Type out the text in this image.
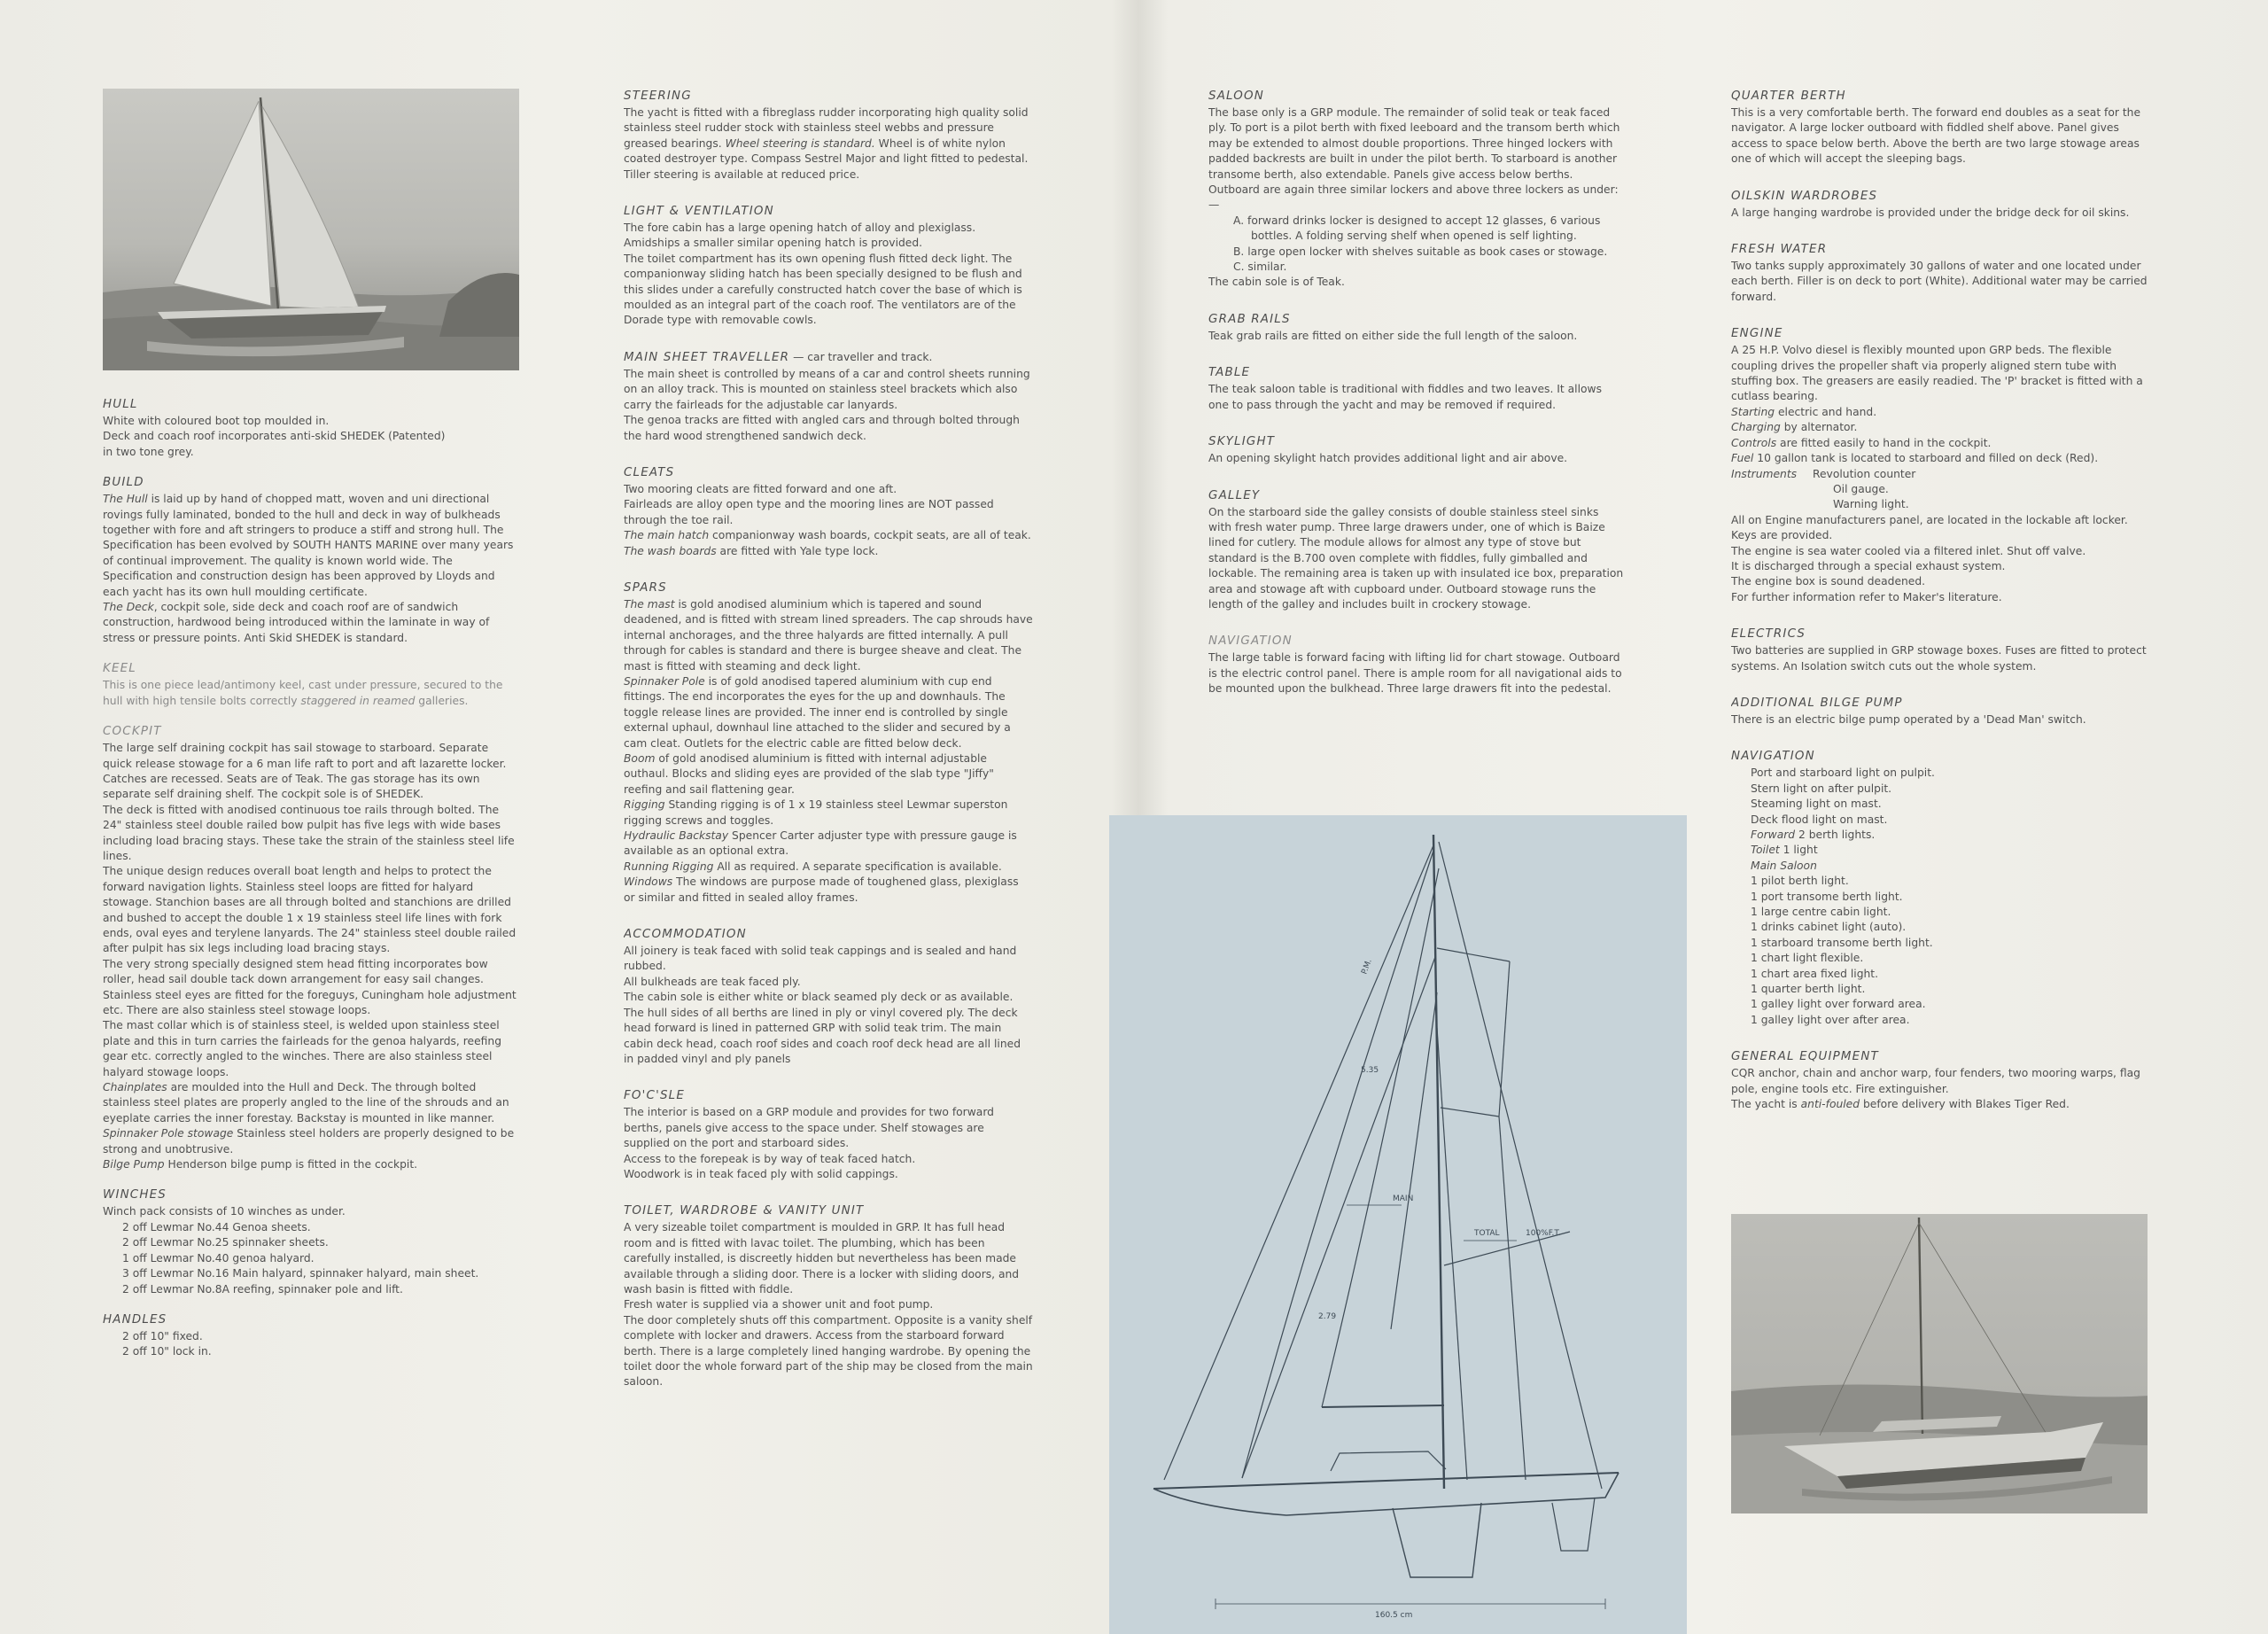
HULL

White with coloured boot top moulded in.

Deck and coach roof incorporates anti-skid SHEDEK (Patented)

in two tone grey.

BUILD

The Hull is laid up by hand of chopped matt, woven and uni directional rovings fully laminated, bonded to the hull and deck in way of bulkheads together with fore and aft stringers to produce a stiff and strong hull. The Specification has been evolved by SOUTH HANTS MARINE over many years of continual improvement. The quality is known world wide. The Specification and construction design has been approved by Lloyds and each yacht has its own hull moulding certificate.

The Deck, cockpit sole, side deck and coach roof are of sandwich construction, hardwood being introduced within the laminate in way of stress or pressure points. Anti Skid SHEDEK is standard.

KEEL

This is one piece lead/antimony keel, cast under pressure, secured to the hull with high tensile bolts correctly staggered in reamed galleries.

COCKPIT

The large self draining cockpit has sail stowage to starboard. Separate quick release stowage for a 6 man life raft to port and aft lazarette locker. Catches are recessed. Seats are of Teak. The gas storage has its own separate self draining shelf. The cockpit sole is of SHEDEK.

The deck is fitted with anodised continuous toe rails through bolted. The 24" stainless steel double railed bow pulpit has five legs with wide bases including load bracing stays. These take the strain of the stainless steel life lines.

The unique design reduces overall boat length and helps to protect the forward navigation lights. Stainless steel loops are fitted for halyard stowage. Stanchion bases are all through bolted and stanchions are drilled and bushed to accept the double 1 x 19 stainless steel life lines with fork ends, oval eyes and terylene lanyards. The 24" stainless steel double railed after pulpit has six legs including load bracing stays.

The very strong specially designed stem head fitting incorporates bow roller, head sail double tack down arrangement for easy sail changes. Stainless steel eyes are fitted for the foreguys, Cuningham hole adjustment etc. There are also stainless steel stowage loops.

The mast collar which is of stainless steel, is welded upon stainless steel plate and this in turn carries the fairleads for the genoa halyards, reefing gear etc. correctly angled to the winches. There are also stainless steel halyard stowage loops.

Chainplates are moulded into the Hull and Deck. The through bolted stainless steel plates are properly angled to the line of the shrouds and an eyeplate carries the inner forestay. Backstay is mounted in like manner.

Spinnaker Pole stowage Stainless steel holders are properly designed to be strong and unobtrusive.

Bilge Pump Henderson bilge pump is fitted in the cockpit.

WINCHES

Winch pack consists of 10 winches as under.

2 off Lewmar No.44 Genoa sheets.

2 off Lewmar No.25 spinnaker sheets.

1 off Lewmar No.40 genoa halyard.

3 off Lewmar No.16 Main halyard, spinnaker halyard, main sheet.

2 off Lewmar No.8A reefing, spinnaker pole and lift.

HANDLES

2 off 10" fixed.

2 off 10" lock in.

STEERING

The yacht is fitted with a fibreglass rudder incorporating high quality solid stainless steel rudder stock with stainless steel webbs and pressure greased bearings. Wheel steering is standard. Wheel is of white nylon coated destroyer type. Compass Sestrel Major and light fitted to pedestal. Tiller steering is available at reduced price.

LIGHT & VENTILATION

The fore cabin has a large opening hatch of alloy and plexiglass. Amidships a smaller similar opening hatch is provided.

The toilet compartment has its own opening flush fitted deck light. The companionway sliding hatch has been specially designed to be flush and this slides under a carefully constructed hatch cover the base of which is moulded as an integral part of the coach roof. The ventilators are of the Dorade type with removable cowls.

MAIN SHEET TRAVELLER — car traveller and track.

The main sheet is controlled by means of a car and control sheets running on an alloy track. This is mounted on stainless steel brackets which also carry the fairleads for the adjustable car lanyards.

The genoa tracks are fitted with angled cars and through bolted through the hard wood strengthened sandwich deck.

CLEATS

Two mooring cleats are fitted forward and one aft.

Fairleads are alloy open type and the mooring lines are NOT passed through the toe rail.

The main hatch companionway wash boards, cockpit seats, are all of teak.

The wash boards are fitted with Yale type lock.

SPARS

The mast is gold anodised aluminium which is tapered and sound deadened, and is fitted with stream lined spreaders. The cap shrouds have internal anchorages, and the three halyards are fitted internally. A pull through for cables is standard and there is burgee sheave and cleat. The mast is fitted with steaming and deck light.

Spinnaker Pole is of gold anodised tapered aluminium with cup end fittings. The end incorporates the eyes for the up and downhauls. The toggle release lines are provided. The inner end is controlled by single external uphaul, downhaul line attached to the slider and secured by a cam cleat. Outlets for the electric cable are fitted below deck.

Boom of gold anodised aluminium is fitted with internal adjustable outhaul. Blocks and sliding eyes are provided of the slab type "Jiffy" reefing and sail flattening gear.

Rigging Standing rigging is of 1 x 19 stainless steel Lewmar superston rigging screws and toggles.

Hydraulic Backstay Spencer Carter adjuster type with pressure gauge is available as an optional extra.

Running Rigging All as required. A separate specification is available.

Windows The windows are purpose made of toughened glass, plexiglass or similar and fitted in sealed alloy frames.

ACCOMMODATION

All joinery is teak faced with solid teak cappings and is sealed and hand rubbed.

All bulkheads are teak faced ply.

The cabin sole is either white or black seamed ply deck or as available.

The hull sides of all berths are lined in ply or vinyl covered ply. The deck head forward is lined in patterned GRP with solid teak trim. The main cabin deck head, coach roof sides and coach roof deck head are all lined in padded vinyl and ply panels

FO'C'SLE

The interior is based on a GRP module and provides for two forward berths, panels give access to the space under. Shelf stowages are supplied on the port and starboard sides.

Access to the forepeak is by way of teak faced hatch.

Woodwork is in teak faced ply with solid cappings.

TOILET, WARDROBE & VANITY UNIT

A very sizeable toilet compartment is moulded in GRP. It has full head room and is fitted with lavac toilet. The plumbing, which has been carefully installed, is discreetly hidden but nevertheless has been made available through a sliding door. There is a locker with sliding doors, and wash basin is fitted with fiddle.

Fresh water is supplied via a shower unit and foot pump.

The door completely shuts off this compartment. Opposite is a vanity shelf complete with locker and drawers. Access from the starboard forward berth. There is a large completely lined hanging wardrobe. By opening the toilet door the whole forward part of the ship may be closed from the main saloon.

SALOON

The base only is a GRP module. The remainder of solid teak or teak faced ply. To port is a pilot berth with fixed leeboard and the transom berth which may be extended to almost double proportions. Three hinged lockers with padded backrests are built in under the pilot berth. To starboard is another transome berth, also extendable. Panels give access below berths. Outboard are again three similar lockers and above three lockers as under:—

A. forward drinks locker is designed to accept 12 glasses, 6 various bottles. A folding serving shelf when opened is self lighting.

B. large open locker with shelves suitable as book cases or stowage.

C. similar.

The cabin sole is of Teak.

GRAB RAILS

Teak grab rails are fitted on either side the full length of the saloon.

TABLE

The teak saloon table is traditional with fiddles and two leaves. It allows one to pass through the yacht and may be removed if required.

SKYLIGHT

An opening skylight hatch provides additional light and air above.

GALLEY

On the starboard side the galley consists of double stainless steel sinks with fresh water pump. Three large drawers under, one of which is Baize lined for cutlery. The module allows for almost any type of stove but standard is the B.700 oven complete with fiddles, fully gimballed and lockable. The remaining area is taken up with insulated ice box, preparation area and stowage aft with cupboard under. Outboard stowage runs the length of the galley and includes built in crockery stowage.

NAVIGATION

The large table is forward facing with lifting lid for chart stowage. Outboard is the electric control panel. There is ample room for all navigational aids to be mounted upon the bulkhead. Three large drawers fit into the pedestal.

P.M.
5.35
2.79
MAIN
TOTAL	100%F.T.
160.5 cm
QUARTER BERTH

This is a very comfortable berth. The forward end doubles as a seat for the navigator. A large locker outboard with fiddled shelf above. Panel gives access to space below berth. Above the berth are two large stowage areas one of which will accept the sleeping bags.

OILSKIN WARDROBES

A large hanging wardrobe is provided under the bridge deck for oil skins.

FRESH WATER

Two tanks supply approximately 30 gallons of water and one located under each berth. Filler is on deck to port (White). Additional water may be carried forward.

ENGINE

A 25 H.P. Volvo diesel is flexibly mounted upon GRP beds. The flexible coupling drives the propeller shaft via properly aligned stern tube with stuffing box. The greasers are easily readied. The 'P' bracket is fitted with a cutlass bearing.

Starting electric and hand.

Charging by alternator.

Controls are fitted easily to hand in the cockpit.

Fuel 10 gallon tank is located to starboard and filled on deck (Red).

Instruments Revolution counter

Oil gauge.

Warning light.

All on Engine manufacturers panel, are located in the lockable aft locker. Keys are provided.

The engine is sea water cooled via a filtered inlet. Shut off valve.

It is discharged through a special exhaust system.

The engine box is sound deadened.

For further information refer to Maker's literature.

ELECTRICS

Two batteries are supplied in GRP stowage boxes. Fuses are fitted to protect systems. An Isolation switch cuts out the whole system.

ADDITIONAL BILGE PUMP

There is an electric bilge pump operated by a 'Dead Man' switch.

NAVIGATION

Port and starboard light on pulpit.

Stern light on after pulpit.

Steaming light on mast.

Deck flood light on mast.

Forward 2 berth lights.

Toilet 1 light

Main Saloon

1 pilot berth light.

1 port transome berth light.

1 large centre cabin light.

1 drinks cabinet light (auto).

1 starboard transome berth light.

1 chart light flexible.

1 chart area fixed light.

1 quarter berth light.

1 galley light over forward area.

1 galley light over after area.

GENERAL EQUIPMENT

CQR anchor, chain and anchor warp, four fenders, two mooring warps, flag pole, engine tools etc. Fire extinguisher.

The yacht is anti-fouled before delivery with Blakes Tiger Red.
